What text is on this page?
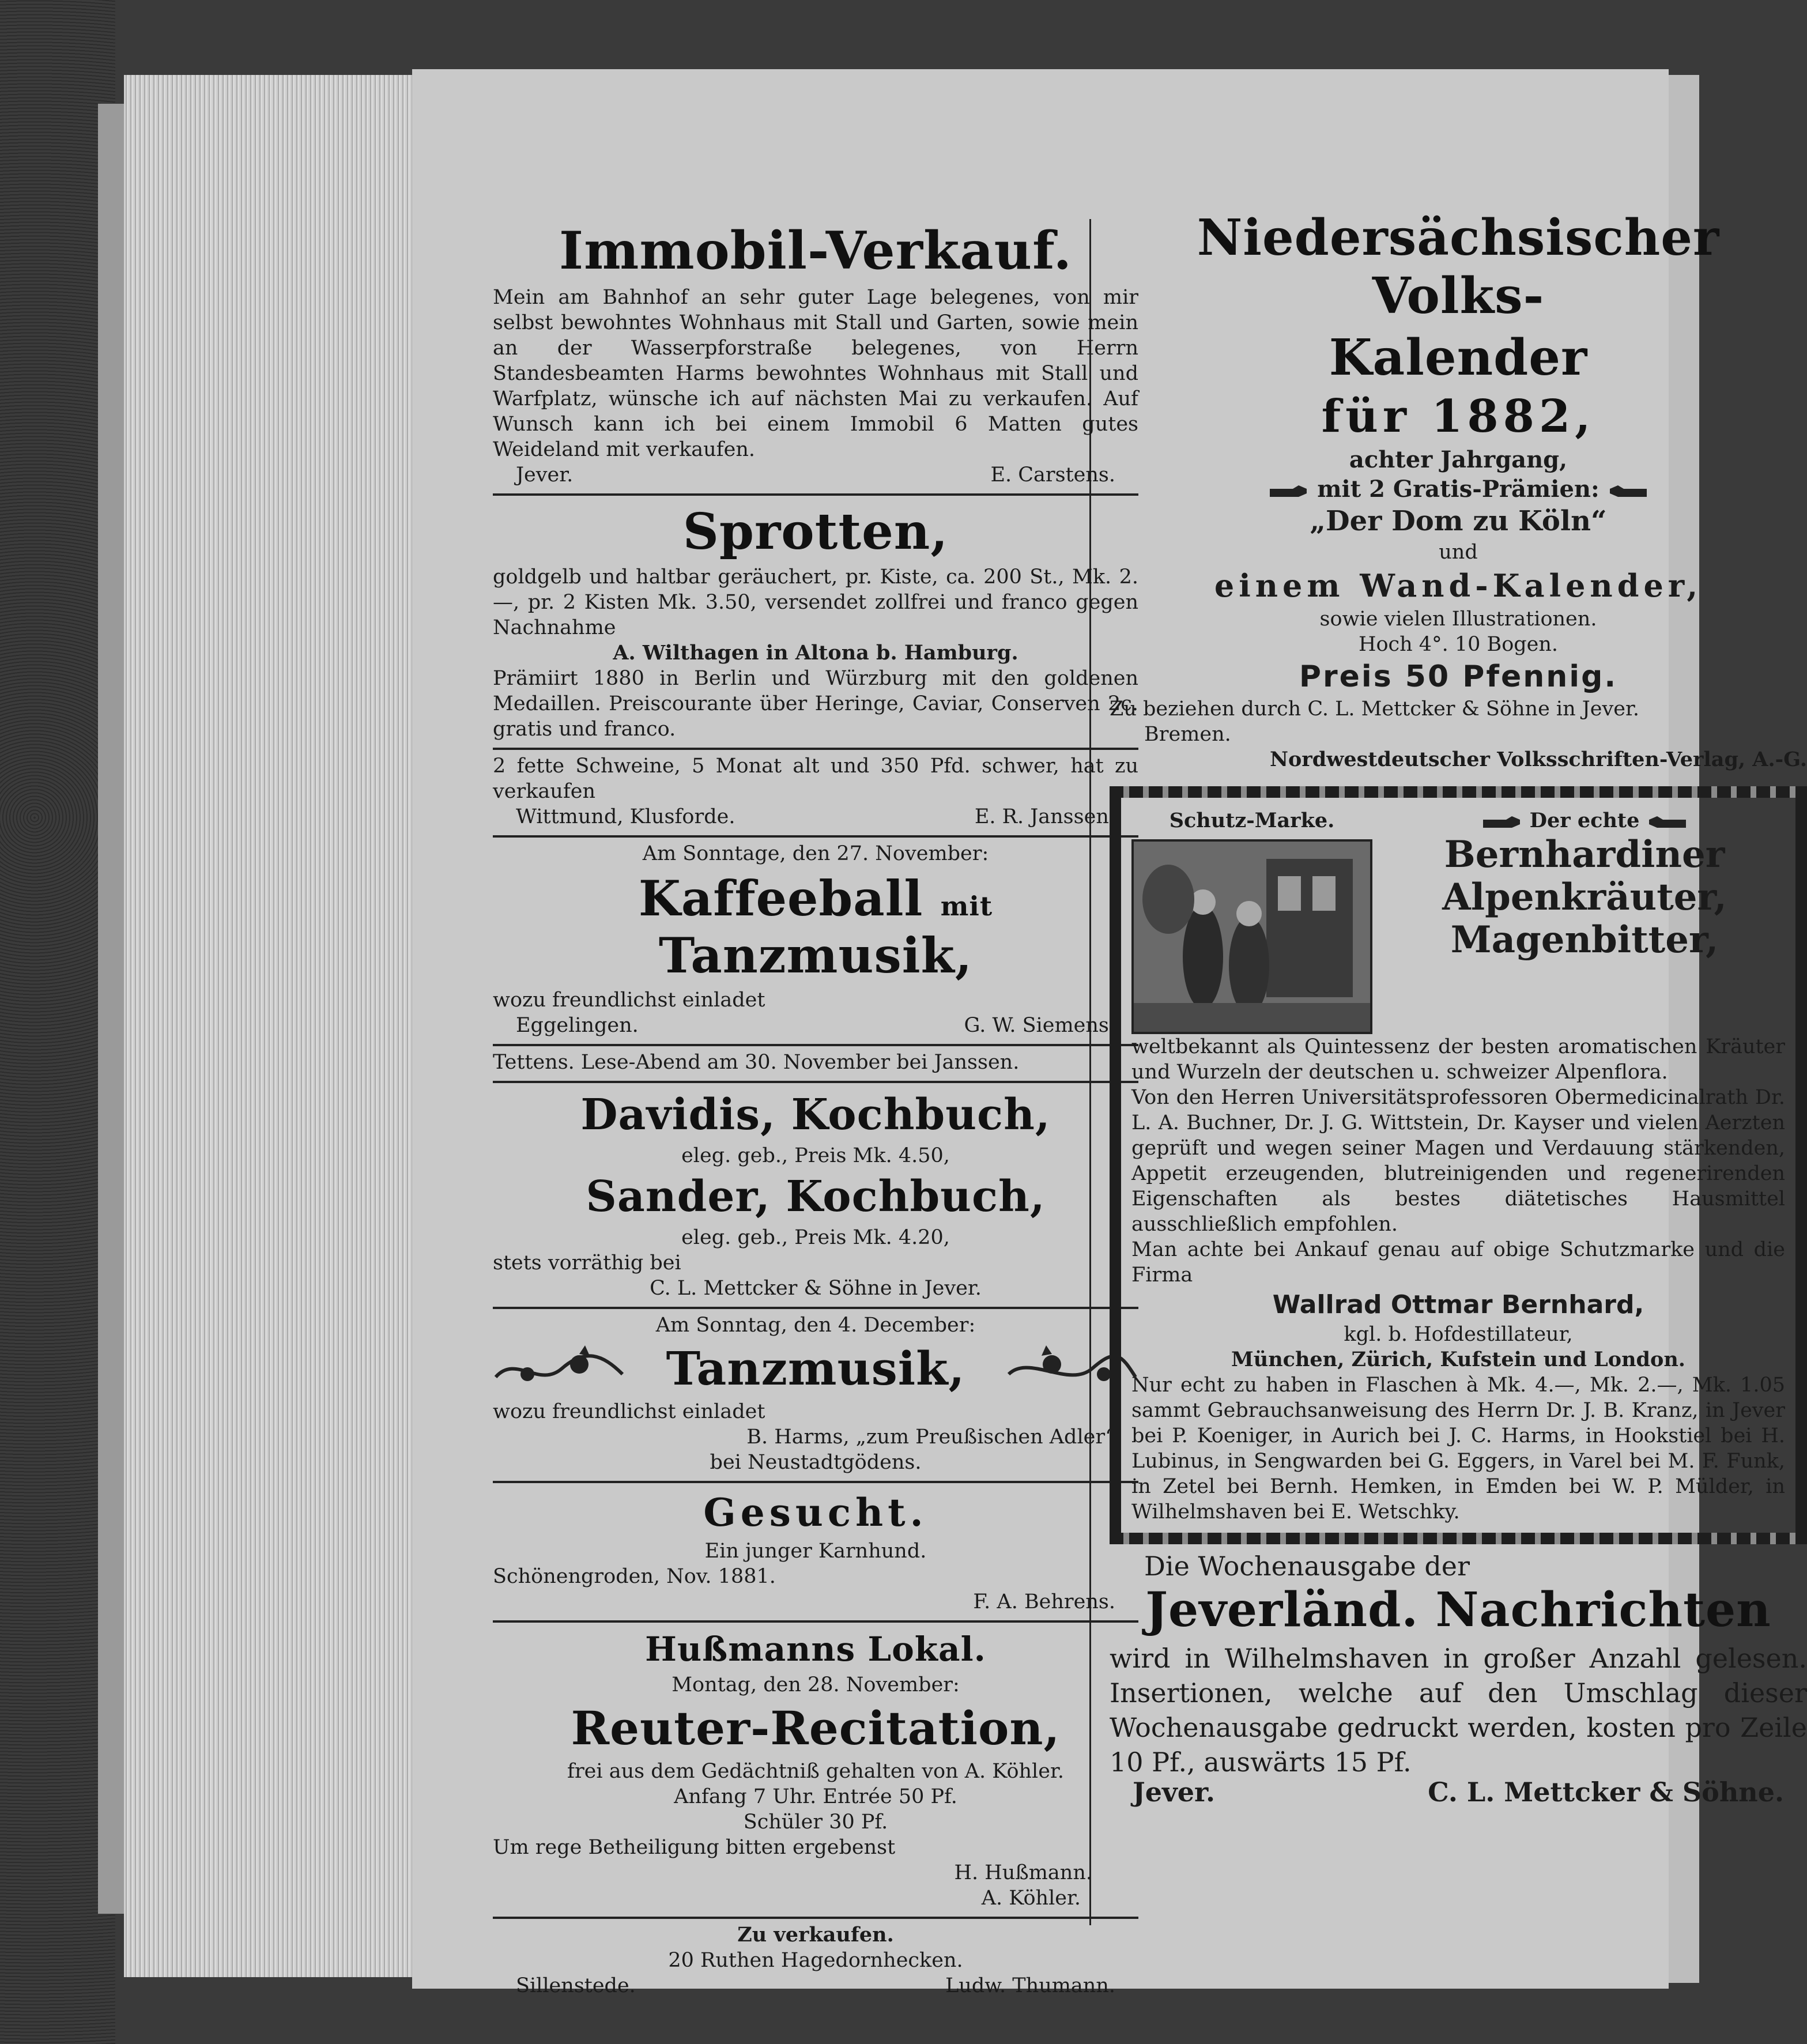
Immobil-Verkauf.

Mein am Bahnhof an sehr guter Lage belegenes, von mir selbst bewohntes Wohnhaus mit Stall und Garten, sowie mein an der Wasserpforstraße belegenes, von Herrn Standesbeamten Harms bewohntes Wohnhaus mit Stall und Warfplatz, wünsche ich auf nächsten Mai zu verkaufen. Auf Wunsch kann ich bei einem Immobil 6 Matten gutes Weideland mit verkaufen.

Jever.	E. Carstens.
Sprotten,

goldgelb und haltbar geräuchert, pr. Kiste, ca. 200 St., Mk. 2.—, pr. 2 Kisten Mk. 3.50, versendet zollfrei und franco gegen Nachnahme

A. Wilthagen in Altona b. Hamburg.

Prämiirt 1880 in Berlin und Würzburg mit den goldenen Medaillen. Preiscourante über Heringe, Caviar, Conserven 2c. gratis und franco.

2 fette Schweine, 5 Monat alt und 350 Pfd. schwer, hat zu verkaufen

Wittmund, Klusforde.	E. R. Janssen.

Am Sonntage, den 27. November:

Kaffeeball mit Tanzmusik,

wozu freundlichst einladet

Eggelingen.	G. W. Siemens.

Tettens. Lese-Abend am 30. November bei Janssen.

Davidis, Kochbuch,

eleg. geb., Preis Mk. 4.50,

Sander, Kochbuch,

eleg. geb., Preis Mk. 4.20,

stets vorräthig bei

C. L. Mettcker & Söhne in Jever.

Am Sonntag, den 4. December:

Tanzmusik,

wozu freundlichst einladet

B. Harms, „zum Preußischen Adler“

bei Neustadtgödens.

Gesucht.

Ein junger Karnhund.

Schönengroden, Nov. 1881.

F. A. Behrens.

Hußmanns Lokal.

Montag, den 28. November:

Reuter-Recitation,

frei aus dem Gedächtniß gehalten von A. Köhler.

Anfang 7 Uhr. Entrée 50 Pf.

Schüler 30 Pf.

Um rege Betheiligung bitten ergebenst

H. Hußmann.

A. Köhler.

Zu verkaufen.

20 Ruthen Hagedornhecken.

Sillenstede.	Ludw. Thumann.
Niedersächsischer Volks-
Kalender
für 1882,

achter Jahrgang,

mit 2 Gratis-Prämien:

„Der Dom zu Köln“

und

einem Wand-Kalender,

sowie vielen Illustrationen.

Hoch 4°. 10 Bogen.

Preis 50 Pfennig.

Zu beziehen durch C. L. Mettcker & Söhne in Jever.

Bremen.

Nordwestdeutscher Volksschriften-Verlag, A.-G.

Schutz-Marke.	Der echte

Bernhardiner

Alpenkräuter,

Magenbitter,

weltbekannt als Quintessenz der besten aromatischen Kräuter und Wurzeln der deutschen u. schweizer Alpenflora.

Von den Herren Universitätsprofessoren Obermedicinalrath Dr. L. A. Buchner, Dr. J. G. Wittstein, Dr. Kayser und vielen Aerzten geprüft und wegen seiner Magen und Verdauung stärkenden, Appetit erzeugenden, blutreinigenden und regenerirenden Eigenschaften als bestes diätetisches Hausmittel ausschließlich empfohlen.

Man achte bei Ankauf genau auf obige Schutzmarke und die Firma

Wallrad Ottmar Bernhard,

kgl. b. Hofdestillateur,

München, Zürich, Kufstein und London.

Nur echt zu haben in Flaschen à Mk. 4.—, Mk. 2.—, Mk. 1.05 sammt Gebrauchsanweisung des Herrn Dr. J. B. Kranz, in Jever bei P. Koeniger, in Aurich bei J. C. Harms, in Hookstiel bei H. Lubinus, in Sengwarden bei G. Eggers, in Varel bei M. F. Funk, in Zetel bei Bernh. Hemken, in Emden bei W. P. Mülder, in Wilhelmshaven bei E. Wetschky.

Die Wochenausgabe der

Jeverländ. Nachrichten

wird in Wilhelmshaven in großer Anzahl gelesen. Insertionen, welche auf den Umschlag dieser Wochenausgabe gedruckt werden, kosten pro Zeile 10 Pf., auswärts 15 Pf.

Jever.	C. L. Mettcker & Söhne.
